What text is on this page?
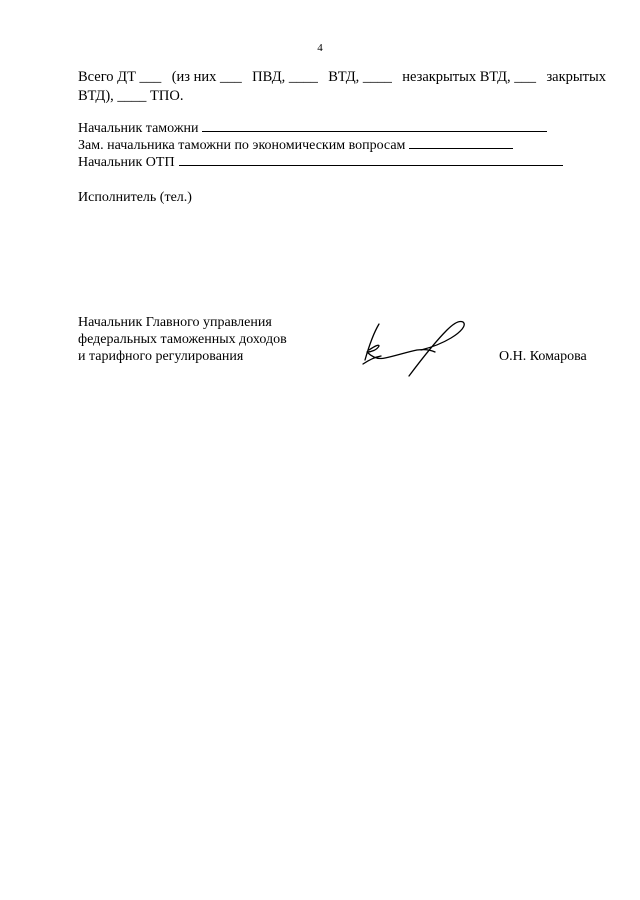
4
Всего ДТ ___ (из них ___ ПВД, ____ ВТД, ____ незакрытых ВТД, ___ закрытых
ВТД), ____ ТПО.
Начальник таможни
Зам. начальника таможни по экономическим вопросам
Начальник ОТП
Исполнитель (тел.)
Начальник Главного управления
федеральных таможенных доходов
и тарифного регулирования	О.Н. Комарова
